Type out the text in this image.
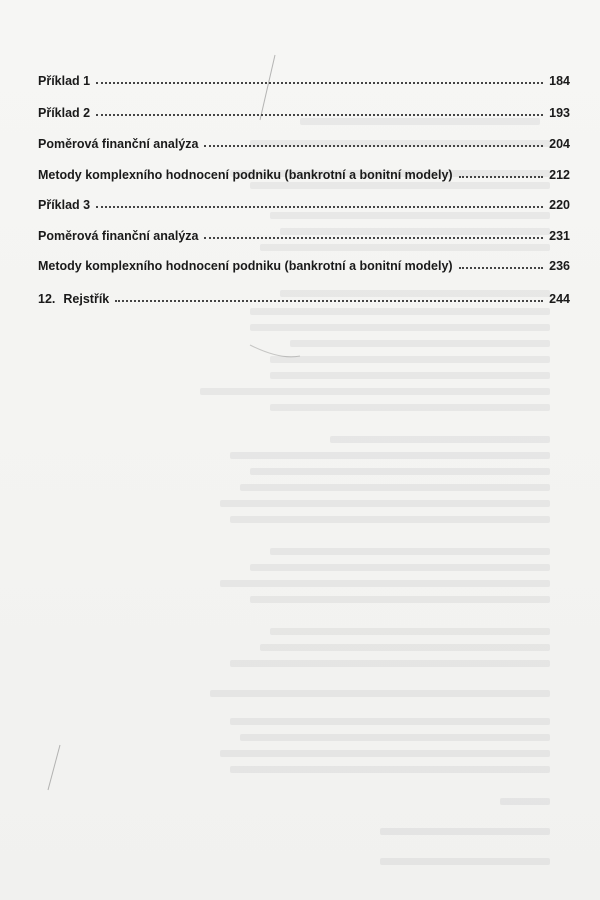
Příklad 1	184
Příklad 2	193
Poměrová finanční analýza	204
Metody komplexního hodnocení podniku (bankrotní a bonitní modely)	212
Příklad 3	220
Poměrová finanční analýza	231
Metody komplexního hodnocení podniku (bankrotní a bonitní modely)	236
12. Rejstřík	244
